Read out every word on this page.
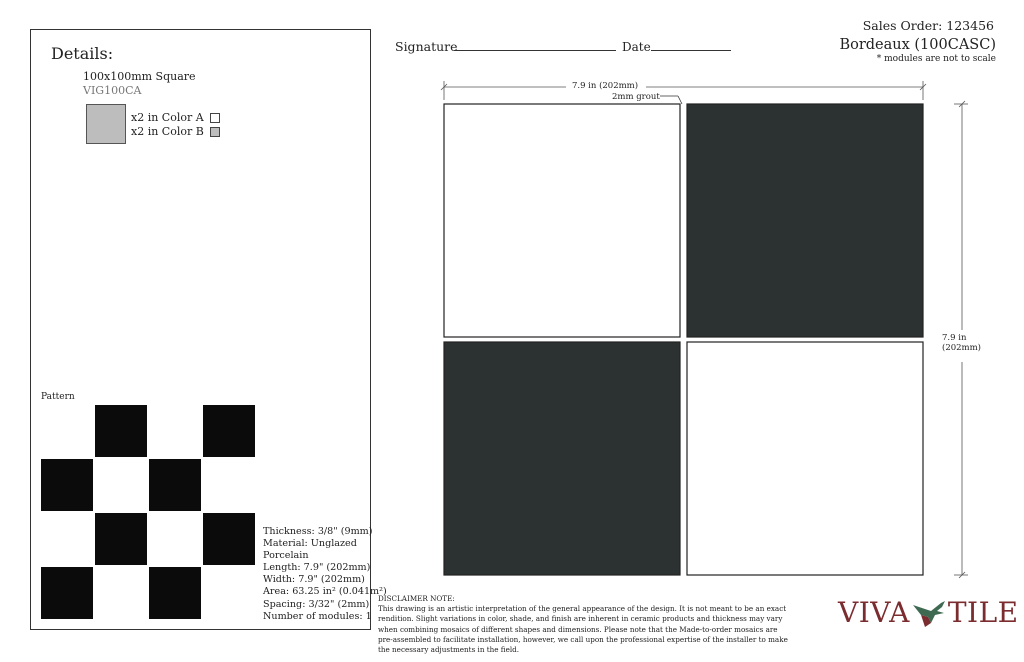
Details:
100x100mm Square
VIG100CA
x2 in Color A
x2 in Color B
Pattern
Thickness: 3/8" (9mm)
Material: Unglazed
Porcelain
Length: 7.9" (202mm)
Width: 7.9" (202mm)
Area: 63.25 in² (0.041m²)
Spacing: 3/32" (2mm)
Number of modules: 1
Signature	Date
Sales Order: 123456
Bordeaux (100CASC)
* modules are not to scale
7.9 in (202mm)
2mm grout
7.9 in
(202mm)
DISCLAIMER NOTE:
This drawing is an artistic interpretation of the general appearance of the design. It is not meant to be an exact
rendition. Slight variations in color, shade, and finish are inherent in ceramic products and thickness may vary
when combining mosaics of different shapes and dimensions. Please note that the Made-to-order mosaics are
pre-assembled to facilitate installation, however, we call upon the professional expertise of the installer to make
the necessary adjustments in the field.
VIVA TILE
